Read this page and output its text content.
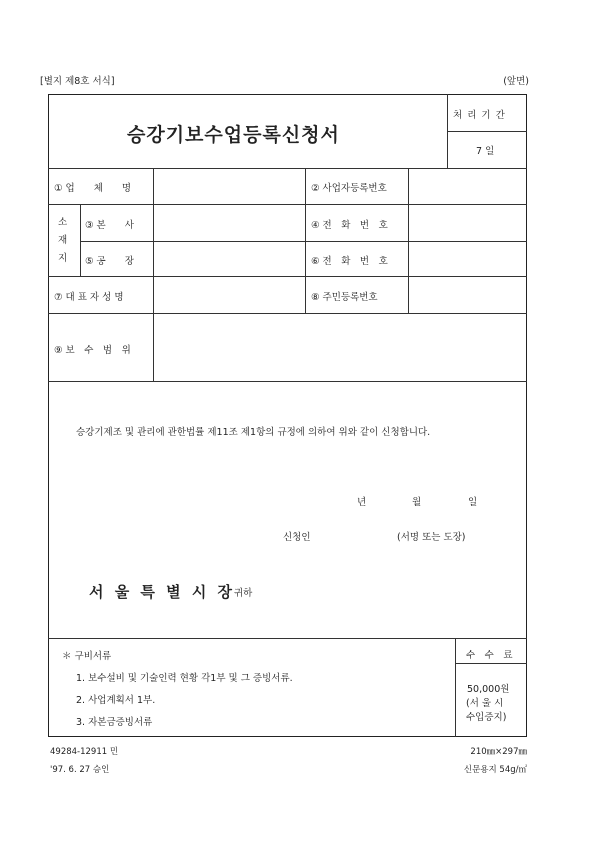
[별지 제8호 서식]	(앞면)
승강기보수업등록신청서
처 리 기 간
7 일
① 업　　체　　명	② 사업자등록번호
소
재
지
③ 본　　사	④ 전　화　번　호
⑤ 공　　장	⑥ 전　화　번　호
⑦ 대 표 자 성 명	⑧ 주민등록번호
⑨ 보　수　범　위
승강기제조 및 관리에 관한법률 제11조 제1항의 규정에 의하여 위와 같이 신청합니다.
년	월	일
신청인	(서명 또는 도장)
서 울 특 별 시 장
귀하
＊ 구비서류
1. 보수설비 및 기술인력 현황 각1부 및 그 증빙서류.
2. 사업계획서 1부.
3. 자본금증빙서류
수　수　료
50,000원
(서 울 시
수입증지)
49284-12911 민
'97. 6. 27 승인
210㎜×297㎜
신문용지 54g/㎡
